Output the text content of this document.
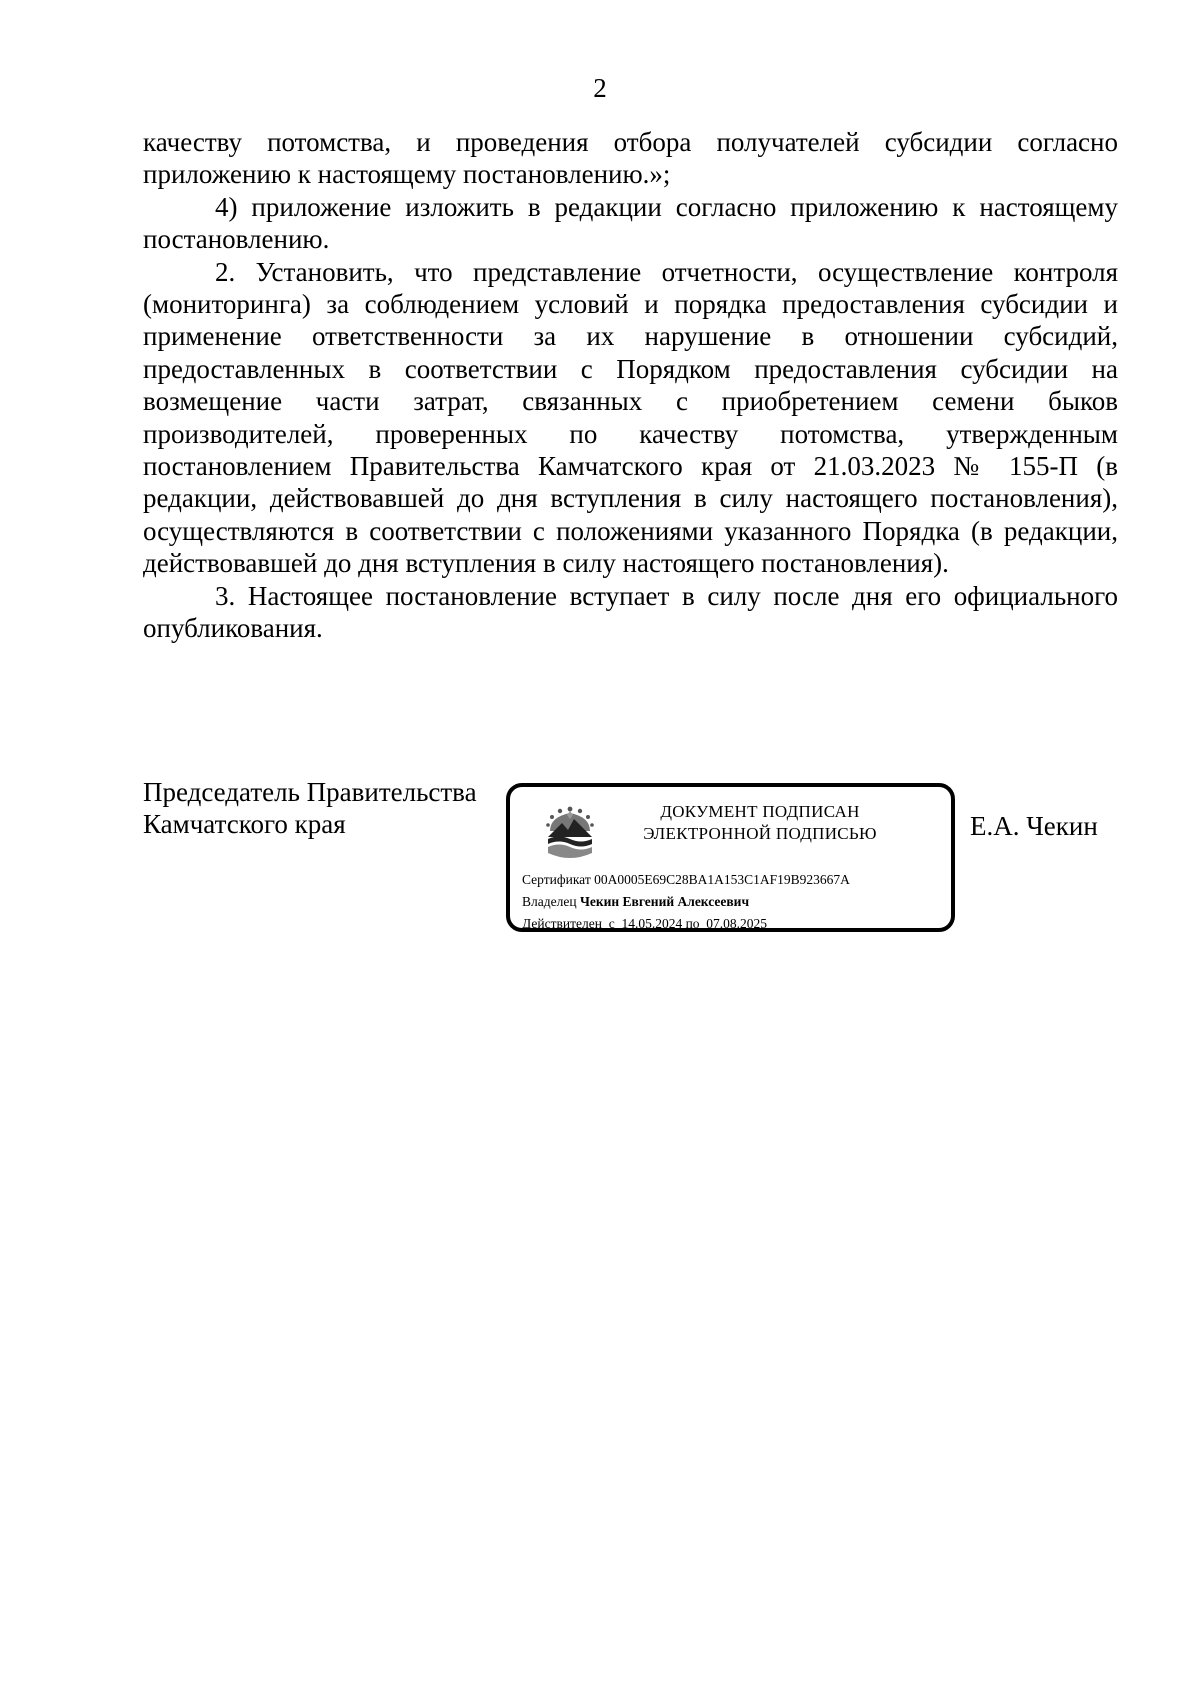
2

качеству потомства, и проведения отбора получателей субсидии согласно приложению к настоящему постановлению.»;

4) приложение изложить в редакции согласно приложению к настоящему постановлению.

2. Установить, что представление отчетности, осуществление контроля (мониторинга) за соблюдением условий и порядка предоставления субсидии и применение ответственности за их нарушение в отношении субсидий, предоставленных в соответствии с Порядком предоставления субсидии на возмещение части затрат, связанных с приобретением семени быков производителей, проверенных по качеству потомства, утвержденным постановлением Правительства Камчатского края от 21.03.2023 № 155-П (в редакции, действовавшей до дня вступления в силу настоящего постановления), осуществляются в соответствии с положениями указанного Порядка (в редакции, действовавшей до дня вступления в силу настоящего постановления).

3. Настоящее постановление вступает в силу после дня его официального опубликования.

Председатель Правительства
Камчатского края	ДОКУМЕНТ ПОДПИСАН
ЭЛЕКТРОННОЙ ПОДПИСЬЮ
Сертификат 00A0005E69C28BA1A153C1AF19B923667A
Владелец Чекин Евгений Алексеевич
Действителен с 14.05.2024 по 07.08.2025
Е.А. Чекин
